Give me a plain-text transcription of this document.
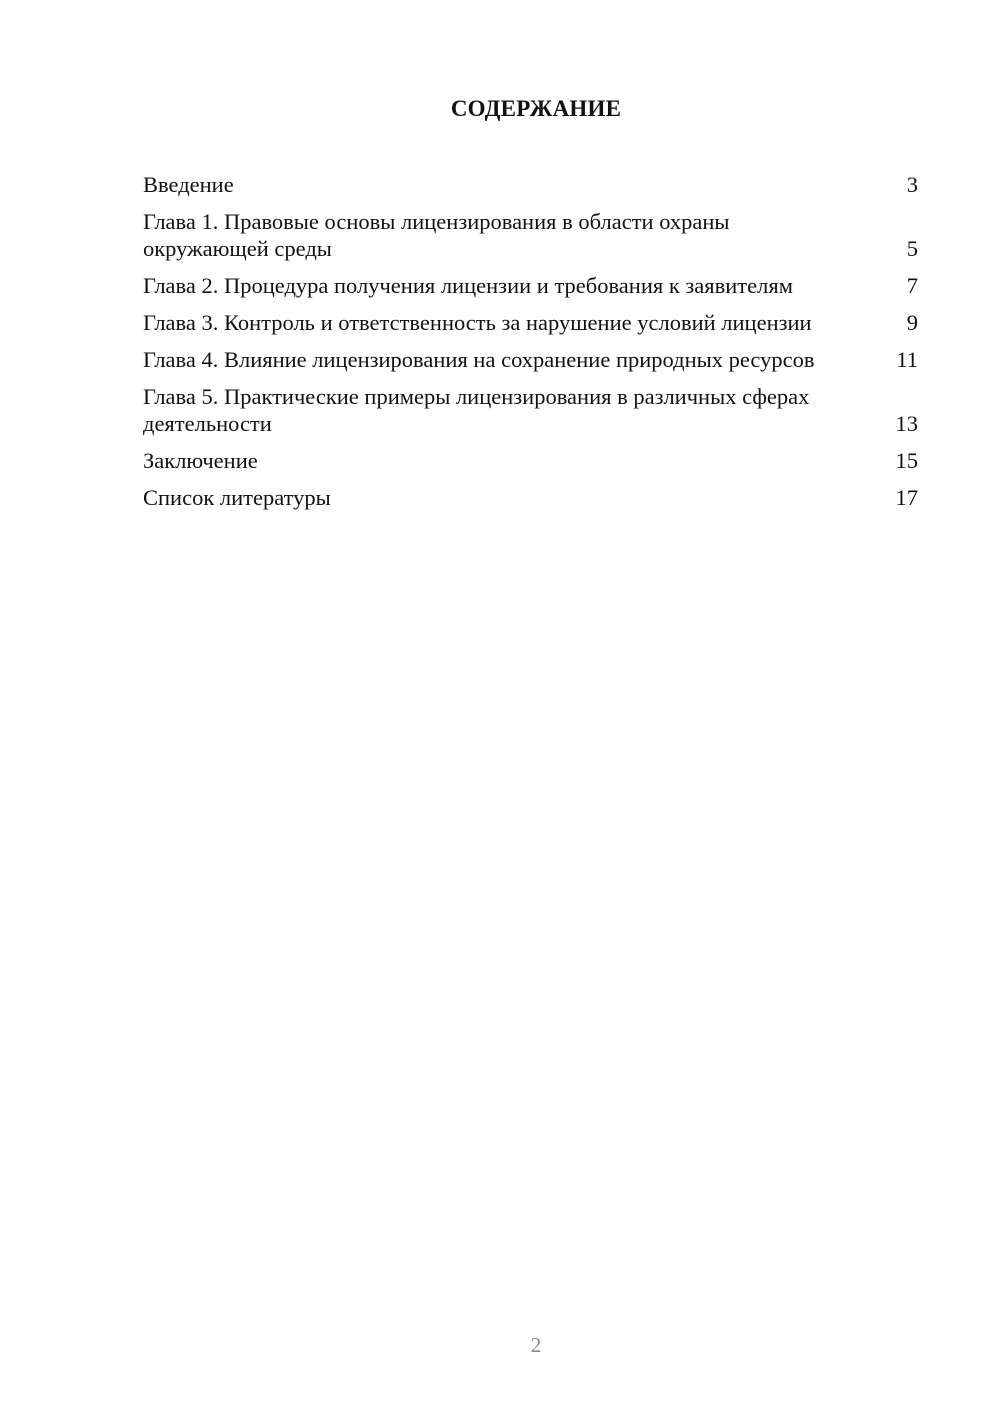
СОДЕРЖАНИЕ
Введение	3
Глава 1. Правовые основы лицензирования в области охраны окружающей среды	5
Глава 2. Процедура получения лицензии и требования к заявителям	7
Глава 3. Контроль и ответственность за нарушение условий лицензии	9
Глава 4. Влияние лицензирования на сохранение природных ресурсов	11
Глава 5. Практические примеры лицензирования в различных сферах деятельности	13
Заключение	15
Список литературы	17
2
